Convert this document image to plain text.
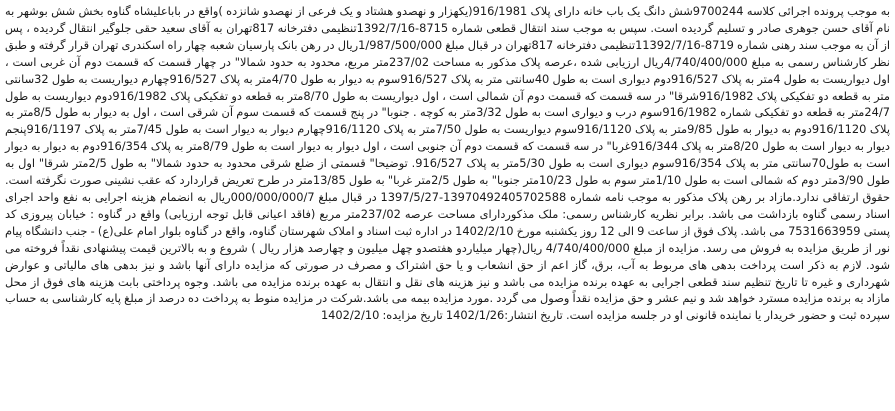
به موجب پرونده اجرائی کلاسه 9700244شش دانگ یک باب خانه دارای پلاک 916/1981(یکهزار و نهصدو هشتاد و یک فرعی از نهصدو شانزده )واقع در باباعلیشاه گناوه بخش شش بوشهر به نام آقای حسن جوهری صادر و تسلیم گردیده است. سپس به موجب سند انتقال قطعی شماره 8715-1392/7/16تنظیمی دفترخانه 817تهران به آقای سعید حقی جلوگیر انتقال گردیده ، پس از آن به موجب سند رهنی شماره 8719-11392/7/16تنظیمی دفترخانه 817تهران در قبال مبلغ 1/987/500/000ریال در رهن بانک پارسیان شعبه چهار راه اسکندری تهران قرار گرفته و طبق نظر کارشناس رسمی به مبلغ 4/740/400/000ریال ارزیابی شده ،عرصه پلاک مذکور به مساحت 237/02متر مربع، محدود به حدود شمالا" در چهار قسمت که قسمت دوم آن غربی است ، اول دیواریست به طول 4متر به پلاک 916/527دوم دیواری است به طول 40سانتی متر به پلاک 916/527سوم به دیوار به طول 4/70متر به پلاک 916/527چهارم دیواریست به طول 32سانتی متر به قطعه دو تفکیکی پلاک 916/1982شرقا" در سه قسمت که قسمت دوم آن شمالی است ، اول دیواریست به طول 8/70متر به قطعه دو تفکیکی پلاک 916/1982دوم دیواریست به طول 24/7متر به قطعه دو تفکیکی شماره 916/1982سوم درب و دیواری است به طول 3/32متر به کوچه . جنوبا" در پنج قسمت که قسمت سوم آن شرقی است ، اول به دیوار به طول 8/5متر به پلاک 916/1120دوم به دیوار به طول 9/85متر به پلاک 916/1120سوم دیواریست به طول 7/50متر به پلاک 916/1120چهارم دیوار به دیوار است به طول 7/45متر به پلاک 916/1197پنجم دیوار به دیوار است به طول 8/20متر به پلاک 916/344غربا" در سه قسمت که قسمت دوم آن جنوبی است ، اول دیوار به دیوار است به طول 8/79متر به پلاک 916/354دوم به دیوار به دیوار است به طول70سانتی متر به پلاک 916/354سوم دیواری است به طول 5/30متر به پلاک 916/527. توضیحا" قسمتی از ضلع شرقی محدود به حدود شمالا" به طول 2/5متر شرقا" اول به طول 3/90متر دوم که شمالی است به طول 1/10متر سوم به طول 10/23متر جنوبا" به طول 2/5متر غربا" به طول 13/85متر در طرح تعریض قراردارد که عقب نشینی صورت نگرفته است. حقوق ارتفاقی ندارد.مازاد بر رهن پلاک مذکور به موجب نامه شماره 13970492405702588-1397/5/27 در قبال مبلغ 000/000/000/7ریال به انضمام هزینه اجرایی به نفع واحد اجرای اسناد رسمی گناوه بازداشت می باشد. برابر نظریه کارشناس رسمی: ملک مذکوردارای مساحت عرصه 237/02متر مربع (فاقد اعیانی قابل توجه ارزیابی) واقع در گناوه : خیابان پیروزی کد پستی 7531663959 می باشد. پلاک فوق از ساعت 9 الی 12 روز یکشنبه مورخ 1402/2/10 در اداره ثبت اسناد و املاک شهرستان گناوه، واقع در گناوه بلوار امام علی(ع) - جنب دانشگاه پیام نور از طریق مزایده به فروش می رسد. مزایده از مبلغ 4/740/400/000 ریال(چهار میلیاردو هفتصدو چهل میلیون و چهارصد هزار ریال ) شروع و به بالاترین قیمت پیشنهادی نقداً فروخته می شود. لازم به ذکر است پرداخت بدهی های مربوط به آب، برق، گاز اعم از حق انشعاب و یا حق اشتراک و مصرف در صورتی که مزایده دارای آنها باشد و نیز بدهی های مالیاتی و عوارض شهرداری و غیره تا تاریخ تنظیم سند قطعی اجرایی به عهده برنده مزایده می باشد و نیز هزینه های نقل و انتقال به عهده برنده مزایده می باشد. وجوه پرداختی بابت هزینه های فوق از محل مازاد به برنده مزایده مسترد خواهد شد و نیم عشر و حق مزایده نقداً وصول می گردد .مورد مزایده بیمه می باشد.شرکت در مزایده منوط به پرداخت ده درصد از مبلغ پایه کارشناسی به حساب سپرده ثبت و حضور خریدار یا نماینده قانونی او در جلسه مزایده است. تاریخ انتشار:1402/1/26 تاریخ مزایده: 1402/2/10
